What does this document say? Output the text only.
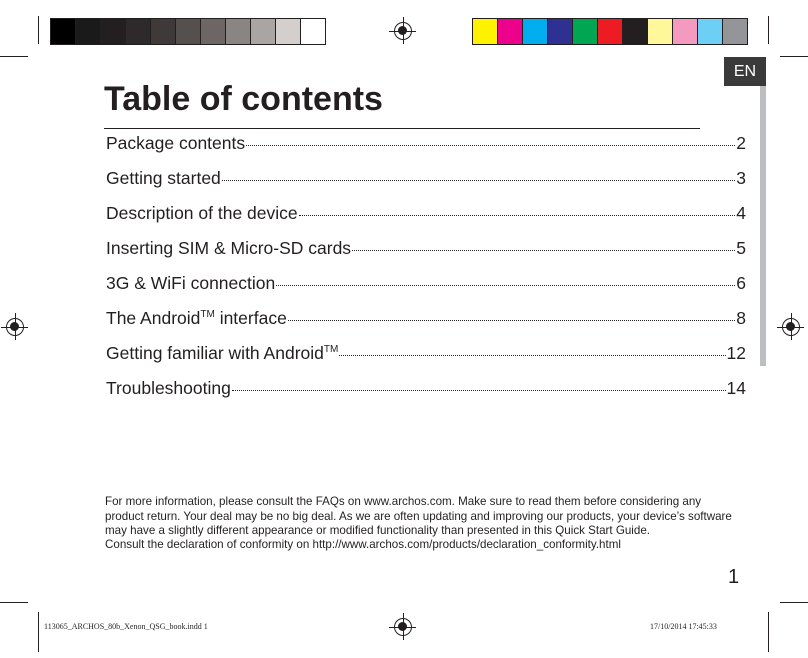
EN
Table of contents
Package contents	2
Getting started	3
Description of the device	4
Inserting SIM & Micro-SD cards	5
3G & WiFi connection	6
The Android™ interface	8
Getting familiar with Android™	12
Troubleshooting	14

For more information, please consult the FAQs on www.archos.com. Make sure to read them before considering any product return. Your deal may be no big deal. As we are often updating and improving our products, your device’s software may have a slightly different appearance or modified functionality than presented in this Quick Start Guide.

Consult the declaration of conformity on http://www.archos.com/products/declaration_conformity.html

1
113065_ARCHOS_80b_Xenon_QSG_book.indd 1	17/10/2014 17:45:33
